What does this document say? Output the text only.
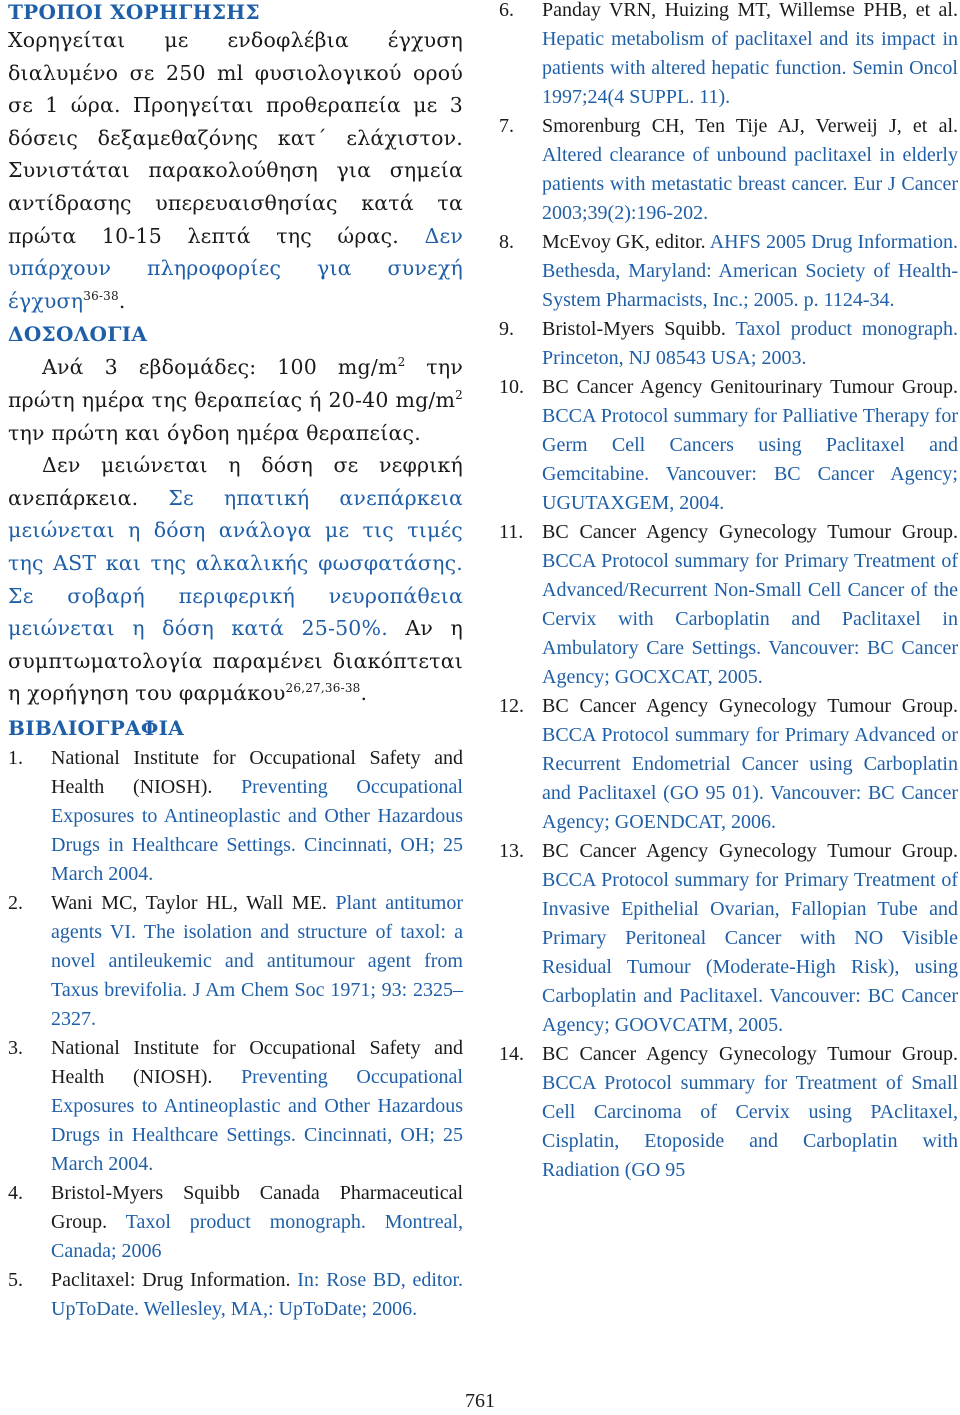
ΤΡΟΠΟΙ ΧΟΡΗΓΗΣΗΣ

Χορηγείται με ενδοφλέβια έγχυση διαλυμένο σε 250 ml φυσιολογικού ορού σε 1 ώρα. Προηγείται προθεραπεία με 3 δόσεις δεξαμεθαζόνης κατ΄ ελάχιστον. Συνιστάται παρακολούθηση για σημεία αντίδρασης υπερευαισθησίας κατά τα πρώτα 10-15 λεπτά της ώρας. Δεν υπάρχουν πληροφορίες για συνεχή έγχυση$^{36-38}$.

ΔΟΣΟΛΟΓΙΑ

Ανά 3 εβδομάδες: 100 $mg/m^2$ την πρώτη ημέρα της θεραπείας ή 20-40 $mg/m^2$ την πρώτη και όγδοη ημέρα θεραπείας.

Δεν μειώνεται η δόση σε νεφρική ανεπάρκεια. Σε ηπατική ανεπάρκεια μειώνεται η δόση ανάλογα με τις τιμές της AST και της αλκαλικής φωσφατάσης. Σε σοβαρή περιφερική νευροπάθεια μειώνεται η δόση κατά 25-50%. Αν η συμπτωματολογία παραμένει διακόπτεται η χορήγηση του φαρμάκου$^{26,27,36-38}$.

ΒΙΒΛΙΟΓΡΑΦΙΑ
1. National Institute for Occupational Safety and Health (NIOSH). Preventing Occupational Exposures to Antineoplastic and Other Hazardous Drugs in Healthcare Settings. Cincinnati, OH; 25 March 2004.
2. Wani MC, Taylor HL, Wall ME. Plant antitumor agents VI. The isolation and structure of taxol: a novel antileukemic and antitumour agent from Taxus brevifolia. J Am Chem Soc 1971; 93: 2325–2327.
3. National Institute for Occupational Safety and Health (NIOSH). Preventing Occupational Exposures to Antineoplastic and Other Hazardous Drugs in Healthcare Settings. Cincinnati, OH; 25 March 2004.
4. Bristol-Myers Squibb Canada Pharmaceutical Group. Taxol product monograph. Montreal, Canada; 2006
5. Paclitaxel: Drug Information. In: Rose BD, editor. UpToDate. Wellesley, MA,: UpToDate; 2006.
6. Panday VRN, Huizing MT, Willemse PHB, et al. Hepatic metabolism of paclitaxel and its impact in patients with altered hepatic function. Semin Oncol 1997;24(4 SUPPL. 11).
7. Smorenburg CH, Ten Tije AJ, Verweij J, et al. Altered clearance of unbound paclitaxel in elderly patients with metastatic breast cancer. Eur J Cancer 2003;39(2):196-202.
8. McEvoy GK, editor. AHFS 2005 Drug Information. Bethesda, Maryland: American Society of Health-System Pharmacists, Inc.; 2005. p. 1124-34.
9. Bristol-Myers Squibb. Taxol product monograph. Princeton, NJ 08543 USA; 2003.
10. BC Cancer Agency Genitourinary Tumour Group. BCCA Protocol summary for Palliative Therapy for Germ Cell Cancers using Paclitaxel and Gemcitabine. Vancouver: BC Cancer Agency; UGUTAXGEM, 2004.
11. BC Cancer Agency Gynecology Tumour Group. BCCA Protocol summary for Primary Treatment of Advanced/Recurrent Non-Small Cell Cancer of the Cervix with Carboplatin and Paclitaxel in Ambulatory Care Settings. Vancouver: BC Cancer Agency; GOCXCAT, 2005.
12. BC Cancer Agency Gynecology Tumour Group. BCCA Protocol summary for Primary Advanced or Recurrent Endometrial Cancer using Carboplatin and Paclitaxel (GO 95 01). Vancouver: BC Cancer Agency; GOENDCAT, 2006.
13. BC Cancer Agency Gynecology Tumour Group. BCCA Protocol summary for Primary Treatment of Invasive Epithelial Ovarian, Fallopian Tube and Primary Peritoneal Cancer with NO Visible Residual Tumour (Moderate-High Risk), using Carboplatin and Paclitaxel. Vancouver: BC Cancer Agency; GOOVCATM, 2005.
14. BC Cancer Agency Gynecology Tumour Group. BCCA Protocol summary for Treatment of Small Cell Carcinoma of Cervix using PAclitaxel, Cisplatin, Etoposide and Carboplatin with Radiation (GO 95
761
